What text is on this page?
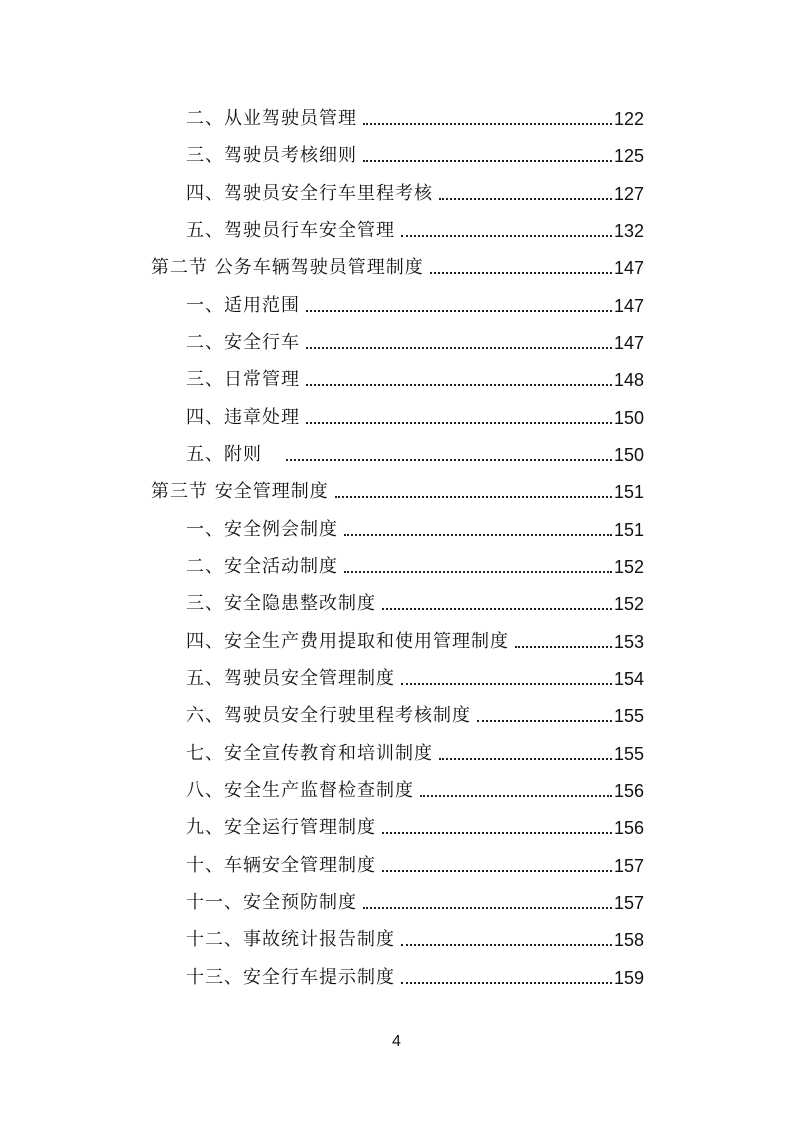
二、从业驾驶员管理	122
三、驾驶员考核细则	125
四、驾驶员安全行车里程考核	127
五、驾驶员行车安全管理	132
第二节 公务车辆驾驶员管理制度	147
一、适用范围	147
二、安全行车	147
三、日常管理	148
四、违章处理	150
五、附则	150
第三节 安全管理制度	151
一、安全例会制度	151
二、安全活动制度	152
三、安全隐患整改制度	152
四、安全生产费用提取和使用管理制度	153
五、驾驶员安全管理制度	154
六、驾驶员安全行驶里程考核制度	155
七、安全宣传教育和培训制度	155
八、安全生产监督检查制度	156
九、安全运行管理制度	156
十、车辆安全管理制度	157
十一、安全预防制度	157
十二、事故统计报告制度	158
十三、安全行车提示制度	159
4
